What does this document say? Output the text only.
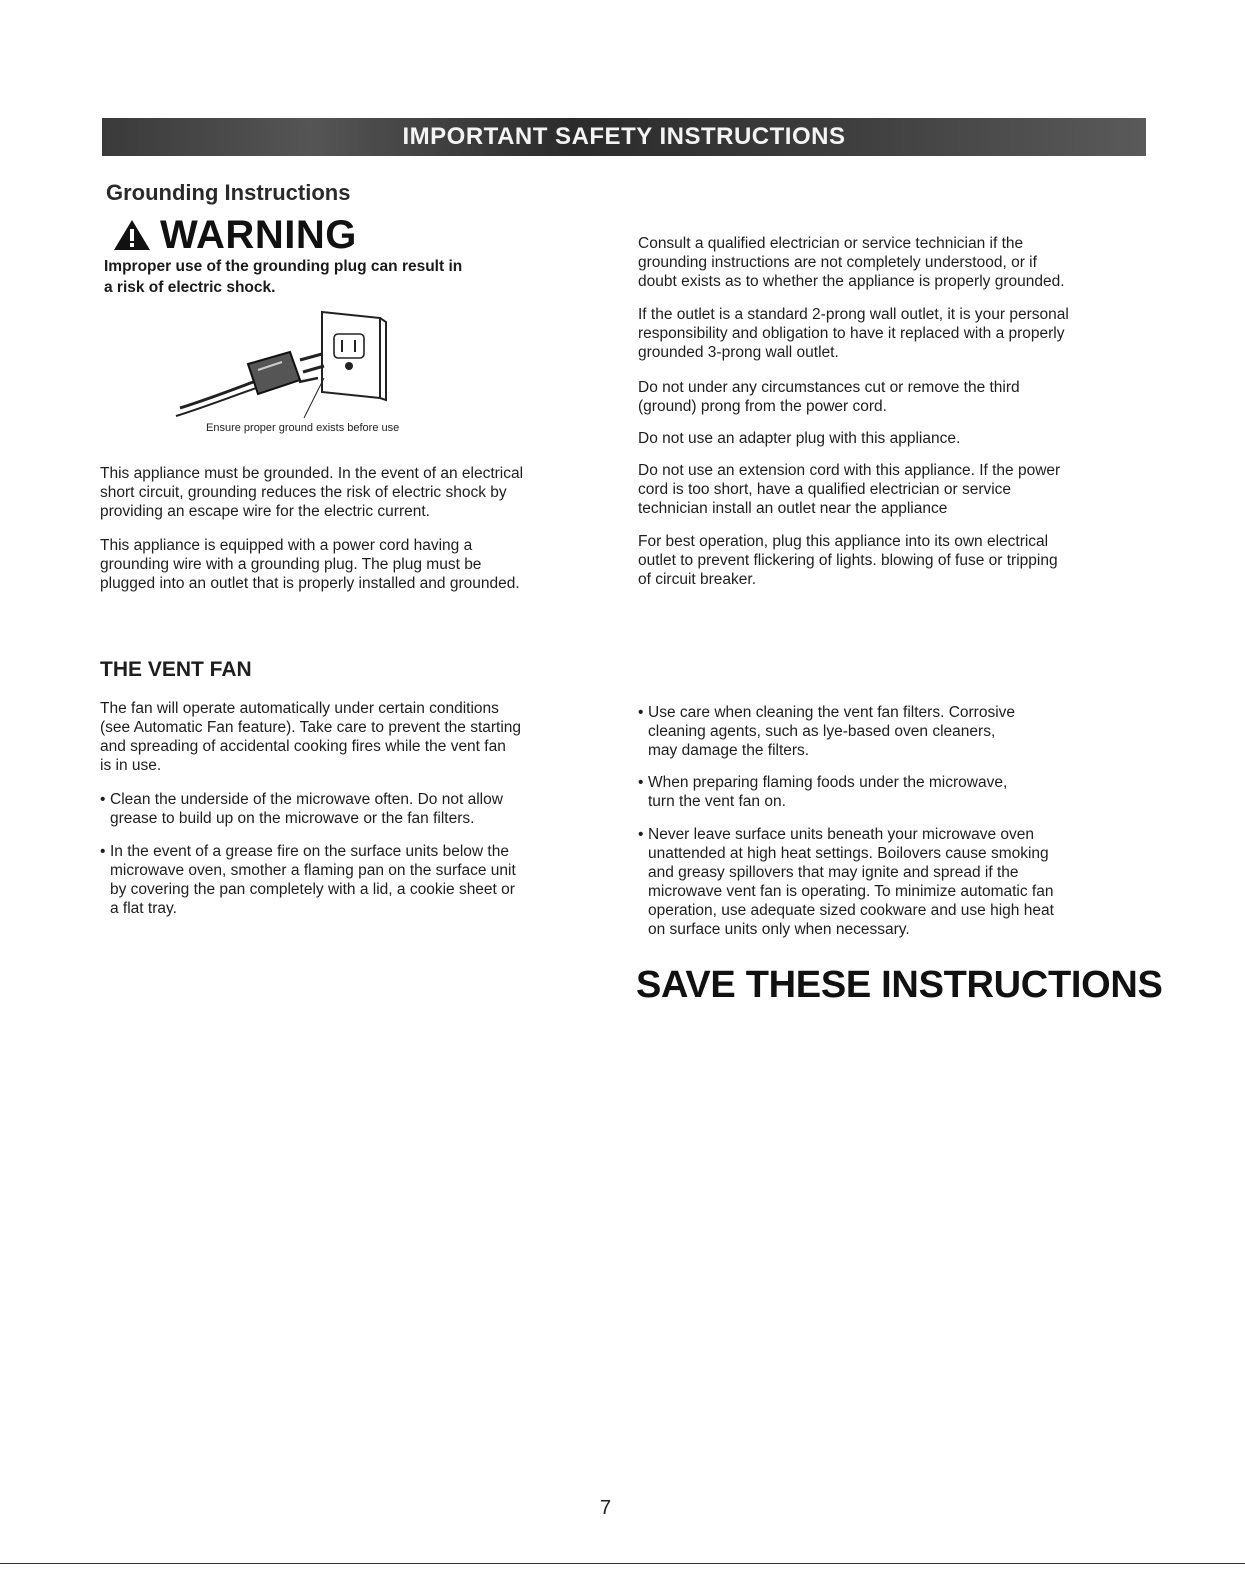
IMPORTANT SAFETY INSTRUCTIONS
Grounding Instructions
WARNING
Improper use of the grounding plug can result in
a risk of electric shock.
Ensure proper ground exists before use
This appliance must be grounded. In the event of an electrical
short circuit, grounding reduces the risk of electric shock by
providing an escape wire for the electric current.
This appliance is equipped with a power cord having a
grounding wire with a grounding plug. The plug must be
plugged into an outlet that is properly installed and grounded.
Consult a qualified electrician or service technician if the
grounding instructions are not completely understood, or if
doubt exists as to whether the appliance is properly grounded.
If the outlet is a standard 2-prong wall outlet, it is your personal
responsibility and obligation to have it replaced with a properly
grounded 3-prong wall outlet.
Do not under any circumstances cut or remove the third
(ground) prong from the power cord.
Do not use an adapter plug with this appliance.
Do not use an extension cord with this appliance. If the power
cord is too short, have a qualified electrician or service
technician install an outlet near the appliance
For best operation, plug this appliance into its own electrical
outlet to prevent flickering of lights. blowing of fuse or tripping
of circuit breaker.
THE VENT FAN
The fan will operate automatically under certain conditions
(see Automatic Fan feature). Take care to prevent the starting
and spreading of accidental cooking fires while the vent fan
is in use.
• Clean the underside of the microwave often. Do not allow
grease to build up on the microwave or the fan filters.
• In the event of a grease fire on the surface units below the
microwave oven, smother a flaming pan on the surface unit
by covering the pan completely with a lid, a cookie sheet or
a flat tray.
• Use care when cleaning the vent fan filters. Corrosive
cleaning agents, such as lye-based oven cleaners,
may damage the filters.
• When preparing flaming foods under the microwave,
turn the vent fan on.
• Never leave surface units beneath your microwave oven
unattended at high heat settings. Boilovers cause smoking
and greasy spillovers that may ignite and spread if the
microwave vent fan is operating. To minimize automatic fan
operation, use adequate sized cookware and use high heat
on surface units only when necessary.
SAVE THESE INSTRUCTIONS
7
